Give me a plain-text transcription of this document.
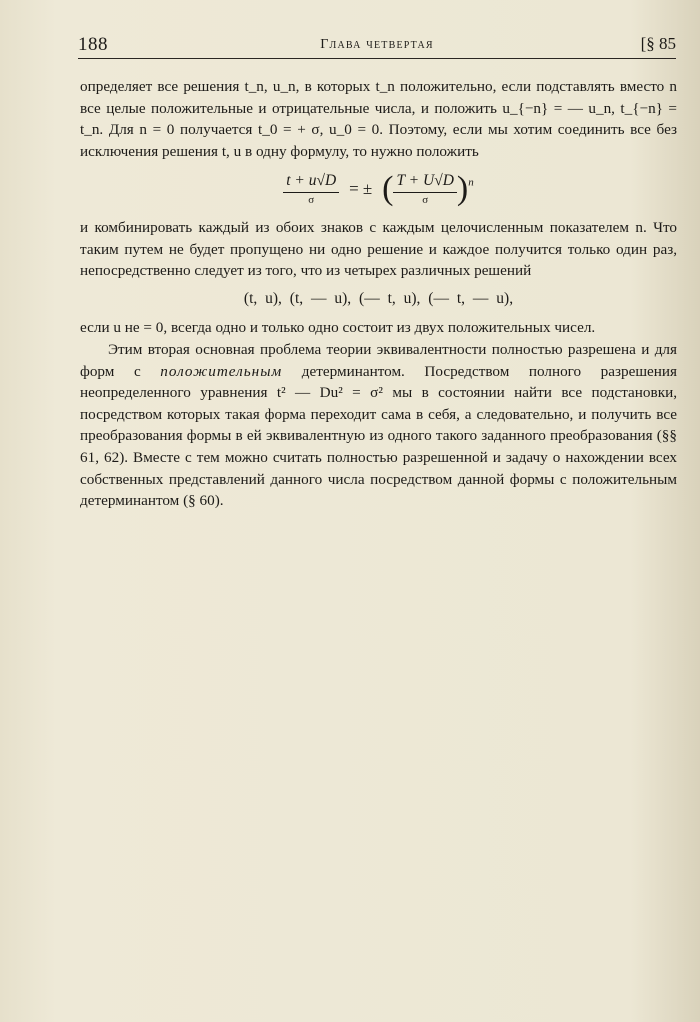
188	Глава четвертая	[§ 85

определяет все решения t_n, u_n, в которых t_n положительно, если подставлять вместо n все целые положительные и отрицательные числа, и положить u_{−n} = — u_n, t_{−n} = t_n. Для n = 0 получается t_0 = + σ, u_0 = 0. Поэтому, если мы хотим соединить все без исключения решения t, u в одну формулу, то нужно положить

$\frac{t + u√D}{\sigma}$ = ± ( $\frac{T + U√D}{\sigma} )^n$

и комбинировать каждый из обоих знаков с каждым целочисленным показателем n. Что таким путем не будет пропущено ни одно решение и каждое получится только один раз, непосредственно следует из того, что из четырех различных решений

(t, u), (t, — u), (— t, u), (— t, — u),

если u не = 0, всегда одно и только одно состоит из двух положительных чисел.

Этим вторая основная проблема теории эквивалентности полностью разрешена и для форм с положительным детерминантом. Посредством полного разрешения неопределенного уравнения t² — Du² = σ² мы в состоянии найти все подстановки, посредством которых такая форма переходит сама в себя, а следовательно, и получить все преобразования формы в ей эквивалентную из одного такого заданного преобразования (§§ 61, 62). Вместе с тем можно считать полностью разрешенной и задачу о нахождении всех собственных представлений данного числа посредством данной формы с положительным детерминантом (§ 60).
